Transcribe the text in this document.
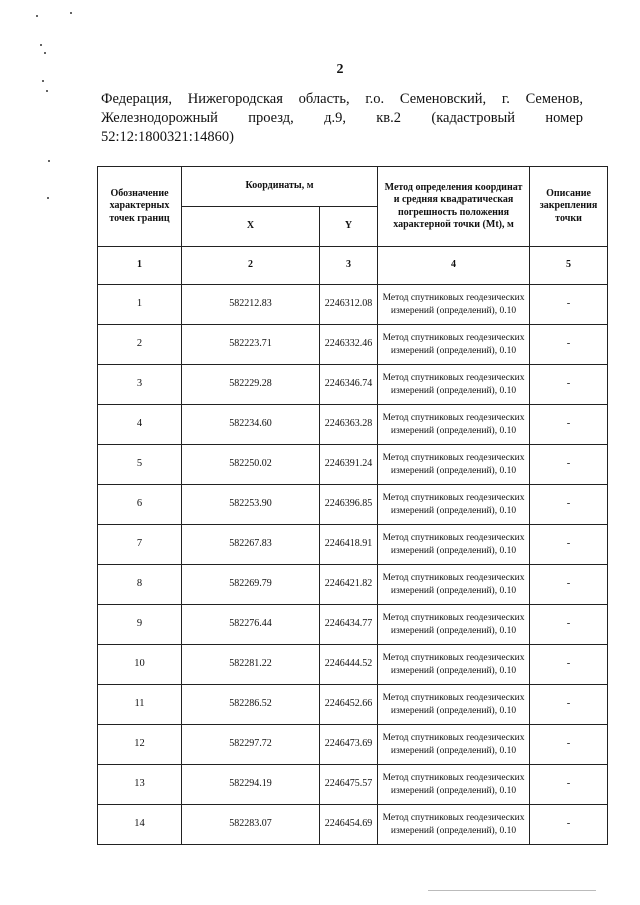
2
Федерация, Нижегородская область, г.о. Семеновский, г. Семенов,
Железнодорожный проезд, д.9, кв.2 (кадастровый номер
52:12:1800321:14860)
Обозначение характерных точек границ	Координаты, м		Метод определения координат и средняя квадратическая погрешность положения характерной точки (Mt), м	Описание закрепления точки
	X	Y		
1	2	3	4	5
1	582212.83	2246312.08	Метод спутниковых геодезических измерений (определений), 0.10	-
2	582223.71	2246332.46	Метод спутниковых геодезических измерений (определений), 0.10	-
3	582229.28	2246346.74	Метод спутниковых геодезических измерений (определений), 0.10	-
4	582234.60	2246363.28	Метод спутниковых геодезических измерений (определений), 0.10	-
5	582250.02	2246391.24	Метод спутниковых геодезических измерений (определений), 0.10	-
6	582253.90	2246396.85	Метод спутниковых геодезических измерений (определений), 0.10	-
7	582267.83	2246418.91	Метод спутниковых геодезических измерений (определений), 0.10	-
8	582269.79	2246421.82	Метод спутниковых геодезических измерений (определений), 0.10	-
9	582276.44	2246434.77	Метод спутниковых геодезических измерений (определений), 0.10	-
10	582281.22	2246444.52	Метод спутниковых геодезических измерений (определений), 0.10	-
11	582286.52	2246452.66	Метод спутниковых геодезических измерений (определений), 0.10	-
12	582297.72	2246473.69	Метод спутниковых геодезических измерений (определений), 0.10	-
13	582294.19	2246475.57	Метод спутниковых геодезических измерений (определений), 0.10	-
14	582283.07	2246454.69	Метод спутниковых геодезических измерений (определений), 0.10	-
